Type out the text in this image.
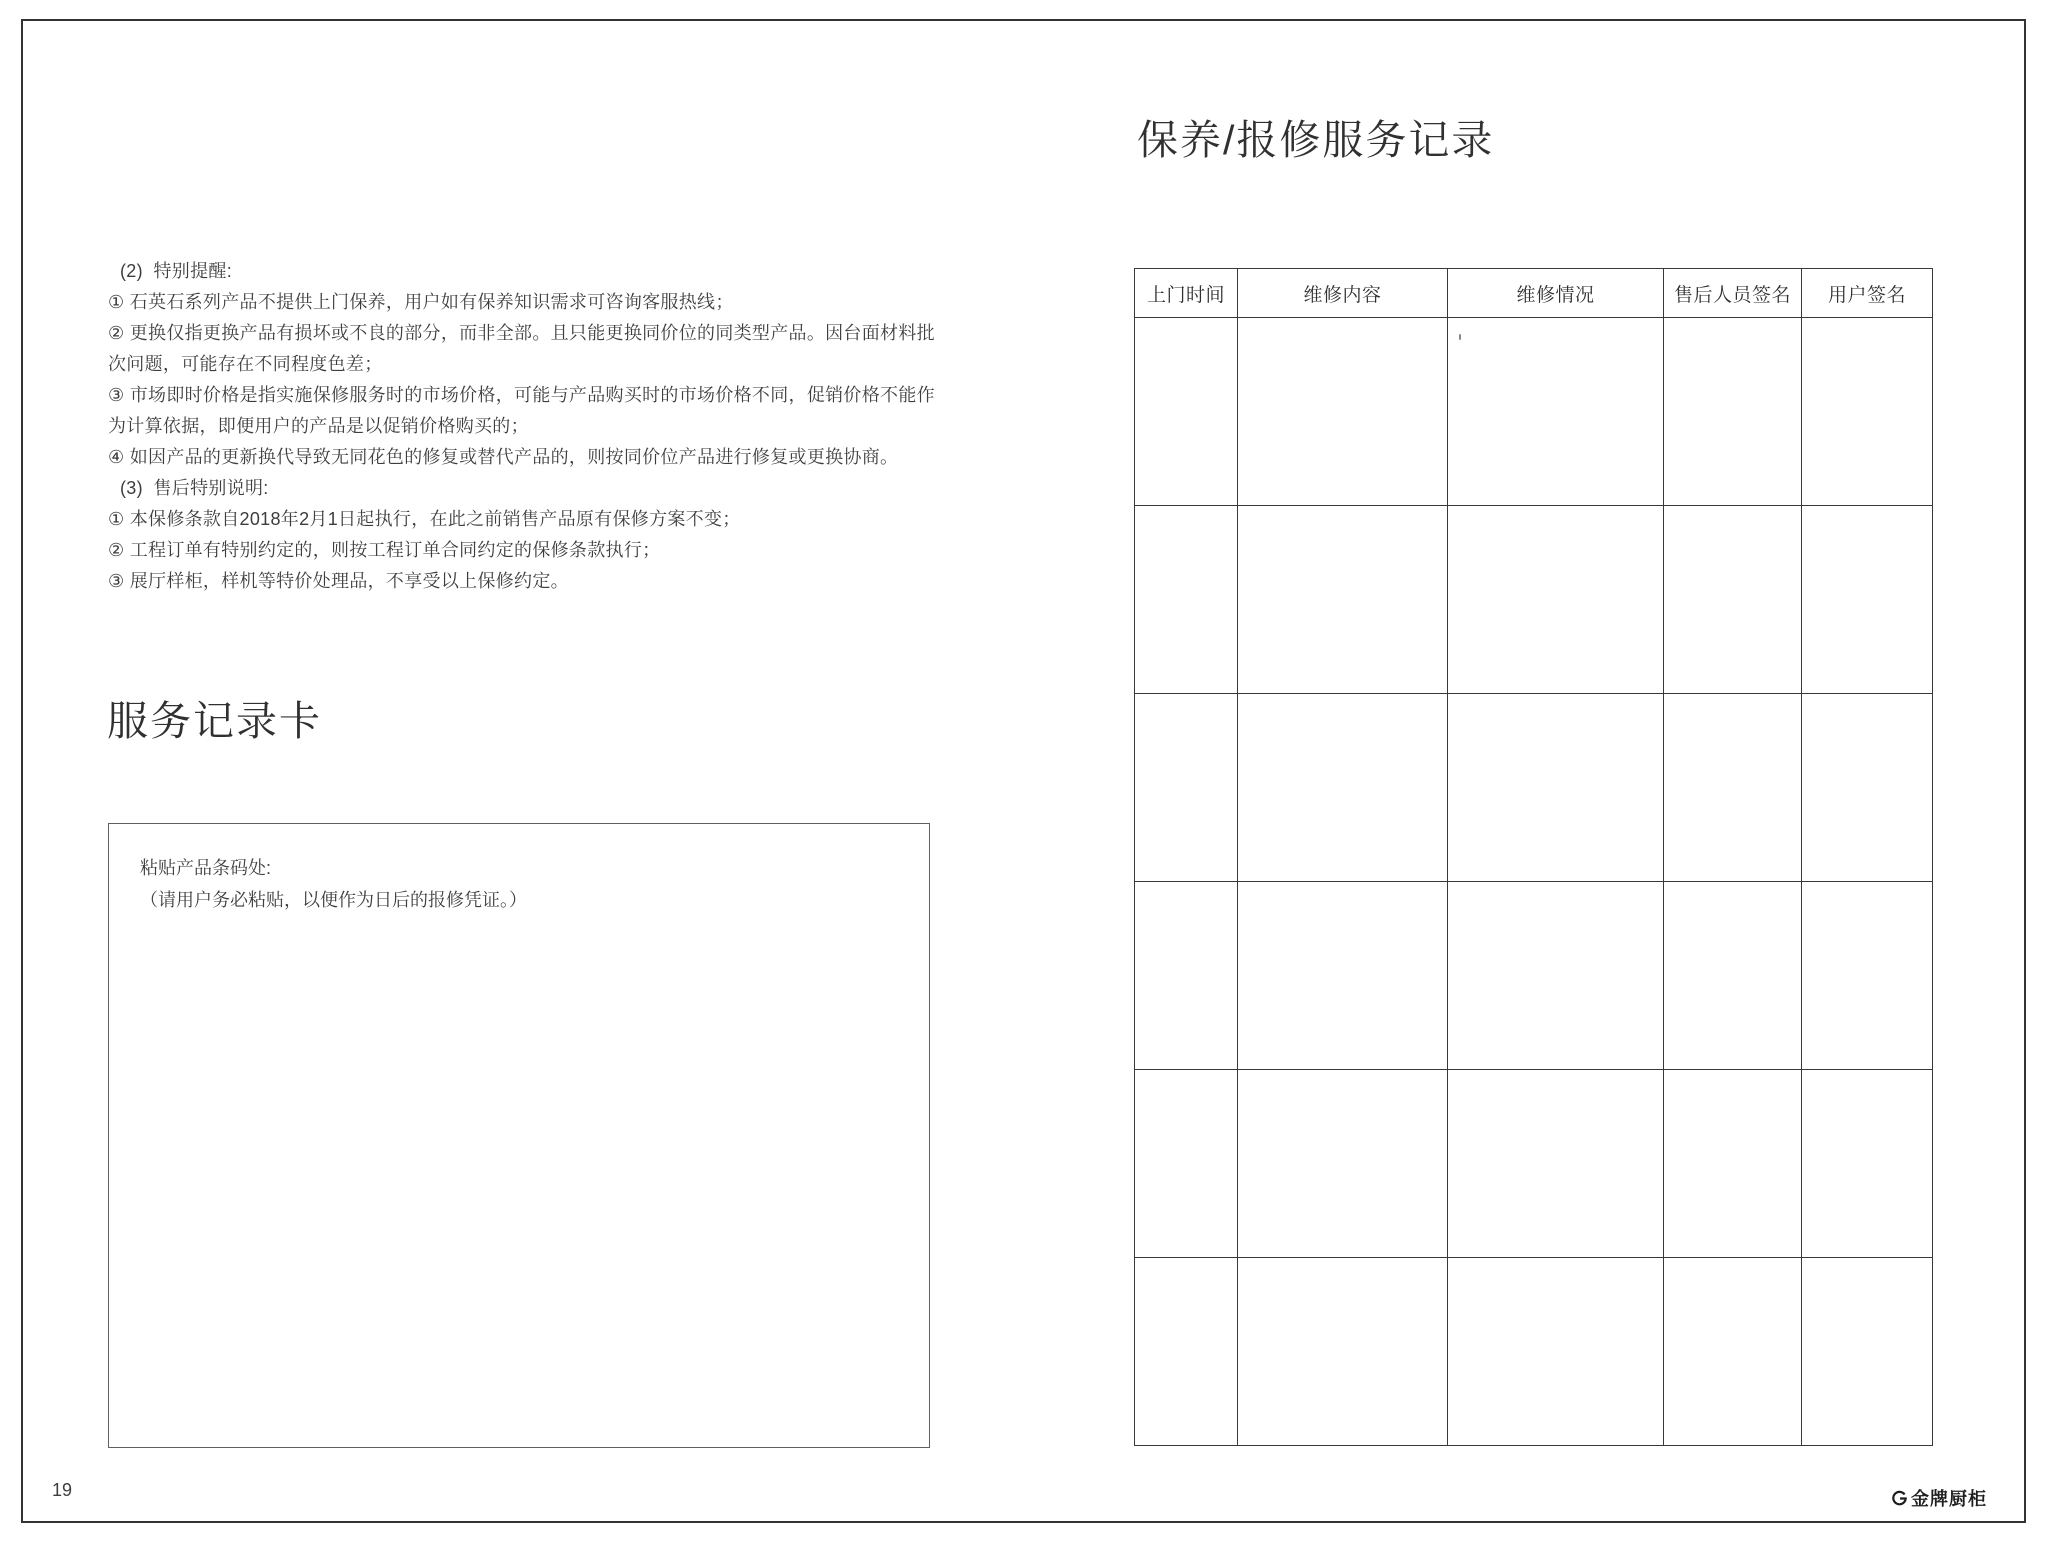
(2)  特别提醒:
① 石英石系列产品不提供上门保养，用户如有保养知识需求可咨询客服热线；
② 更换仅指更换产品有损坏或不良的部分，而非全部。且只能更换同价位的同类型产品。因台面材料批
次问题，可能存在不同程度色差；
③ 市场即时价格是指实施保修服务时的市场价格，可能与产品购买时的市场价格不同，促销价格不能作
为计算依据，即便用户的产品是以促销价格购买的；
④ 如因产品的更新换代导致无同花色的修复或替代产品的，则按同价位产品进行修复或更换协商。
(3)  售后特别说明:
① 本保修条款自2018年2月1日起执行，在此之前销售产品原有保修方案不变；
② 工程订单有特别约定的，则按工程订单合同约定的保修条款执行；
③ 展厅样柜，样机等特价处理品，不享受以上保修约定。
服务记录卡
粘贴产品条码处:
（请用户务必粘贴，以便作为日后的报修凭证。）
保养/报修服务记录
上门时间	维修内容	维修情况	售后人员签名	用户签名

19	金牌厨柜
